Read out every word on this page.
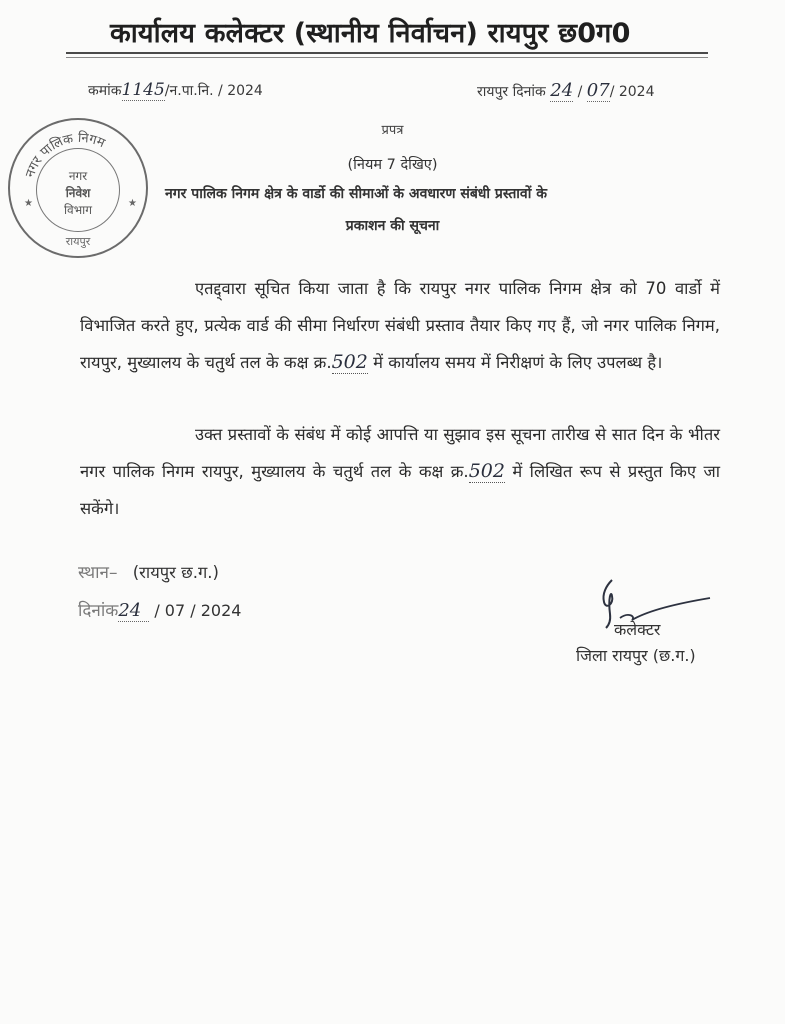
कार्यालय कलेक्टर (स्थानीय निर्वाचन) रायपुर छ0ग0
कमांक1145/न.पा.नि. / 2024	रायपुर दिनांक 24 / 07/ 2024
नगर पालिक निगम
★	★
नगर
निवेश
विभाग
रायपुर
प्रपत्र
(नियम 7 देखिए)
नगर पालिक निगम क्षेत्र के वार्डो की सीमाओं के अवधारण संबंधी प्रस्तावों के
प्रकाशन की सूचना

एतद्द्वारा सूचित किया जाता है कि रायपुर नगर पालिक निगम क्षेत्र को 70 वार्डो में विभाजित करते हुए, प्रत्येक वार्ड की सीमा निर्धारण संबंधी प्रस्ताव तैयार किए गए हैं, जो नगर पालिक निगम, रायपुर, मुख्यालय के चतुर्थ तल के कक्ष क्र.502 में कार्यालय समय में निरीक्षणं के लिए उपलब्ध है।

उक्त प्रस्तावों के संबंध में कोई आपत्ति या सुझाव इस सूचना तारीख से सात दिन के भीतर नगर पालिक निगम रायपुर, मुख्यालय के चतुर्थ तल के कक्ष क्र.502 में लिखित रूप से प्रस्तुत किए जा सकेंगे।

स्थान– (रायपुर छ.ग.)
दिनांक24 / 07 / 2024
कलेक्टर
जिला रायपुर (छ.ग.)
